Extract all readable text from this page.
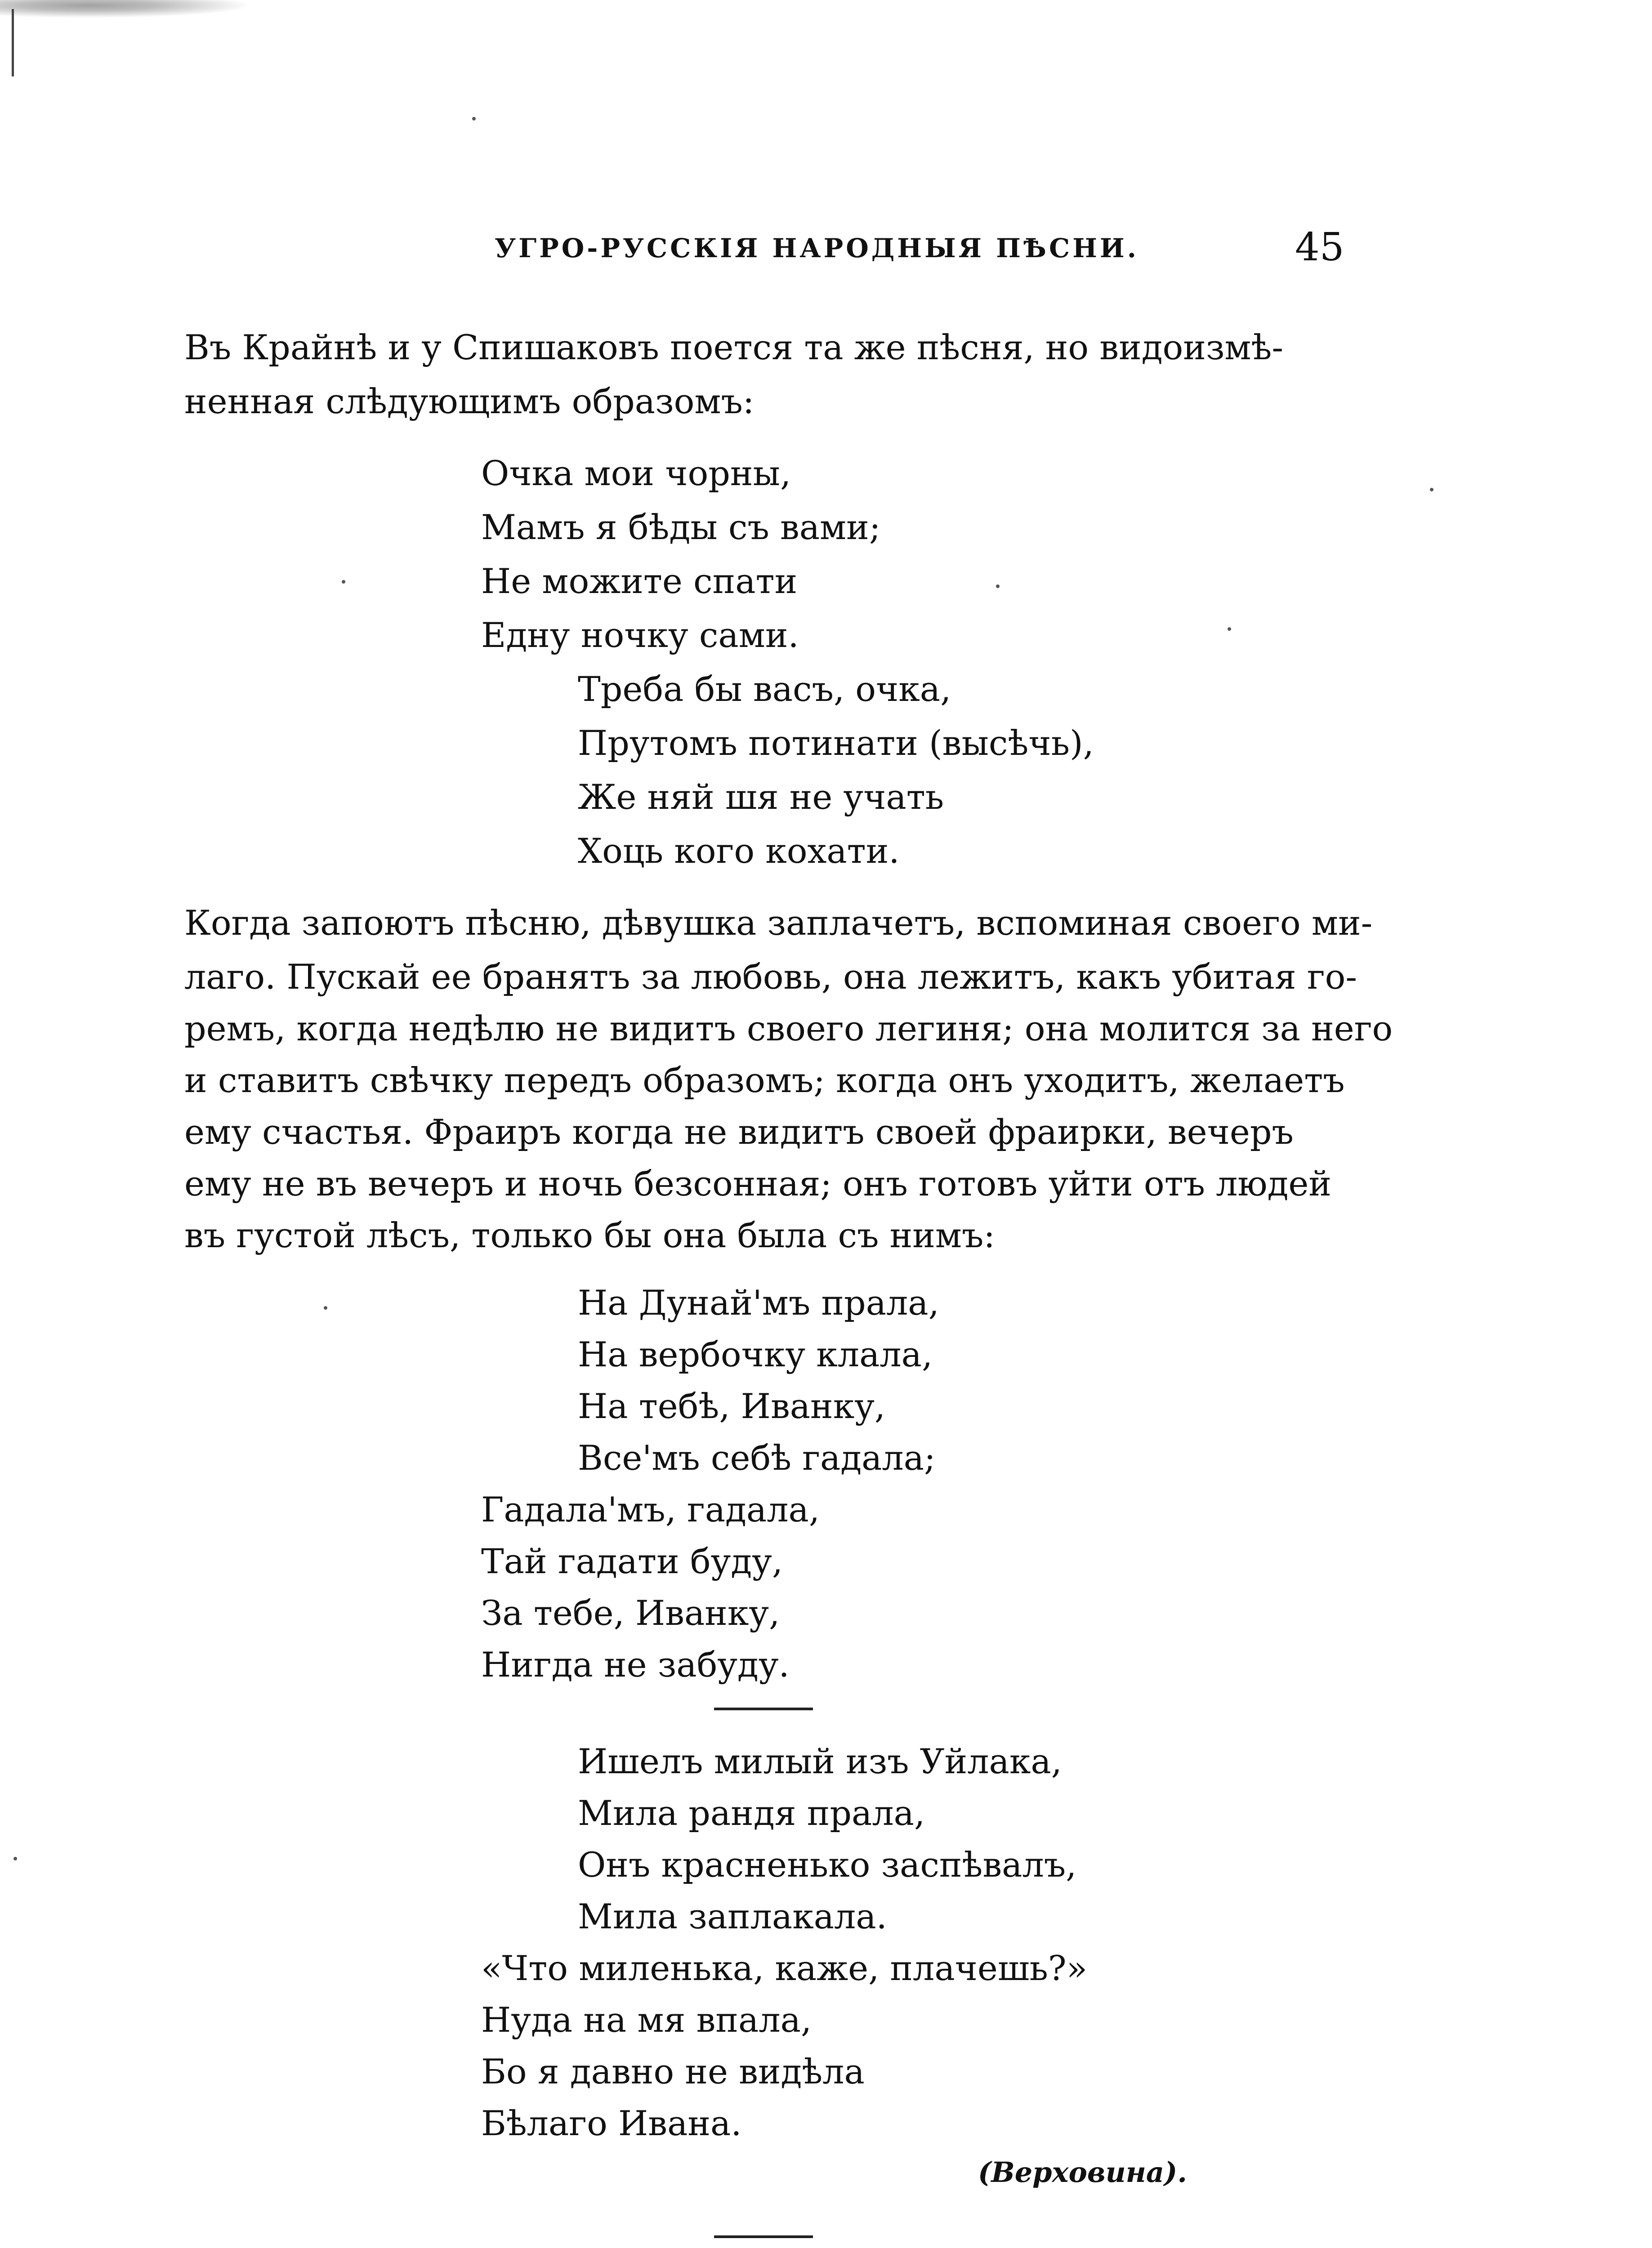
УГРО-РУССКІЯ НАРОДНЫЯ ПѢСНИ.	45
Въ Крайнѣ и у Спишаковъ поется та же пѣсня, но видоизмѣ-
ненная слѣдующимъ образомъ:
Очка мои чорны,
Мамъ я бѣды съ вами;
Не можите спати
Едну ночку сами.
Треба бы васъ, очка,
Прутомъ потинати (высѣчь),
Же няй шя не учать
Хоць кого кохати.
Когда запоютъ пѣсню, дѣвушка заплачетъ, вспоминая своего ми-
лаго. Пускай ее бранятъ за любовь, она лежитъ, какъ убитая го-
ремъ, когда недѣлю не видитъ своего легиня; она молится за него
и ставитъ свѣчку передъ образомъ; когда онъ уходитъ, желаетъ
ему счастья. Фраиръ когда не видитъ своей фраирки, вечеръ
ему не въ вечеръ и ночь безсонная; онъ готовъ уйти отъ людей
въ густой лѣсъ, только бы она была съ нимъ:
На Дунай'мъ прала,
На вербочку клала,
На тебѣ, Иванку,
Все'мъ себѣ гадала;
Гадала'мъ, гадала,
Тай гадати буду,
За тебе, Иванку,
Нигда не забуду.
Ишелъ милый изъ Уйлака,
Мила рандя прала,
Онъ красненько заспѣвалъ,
Мила заплакала.
«Что миленька, каже, плачешь?»
Нуда на мя впала,
Бо я давно не видѣла
Бѣлаго Ивана.
(Верховина).
